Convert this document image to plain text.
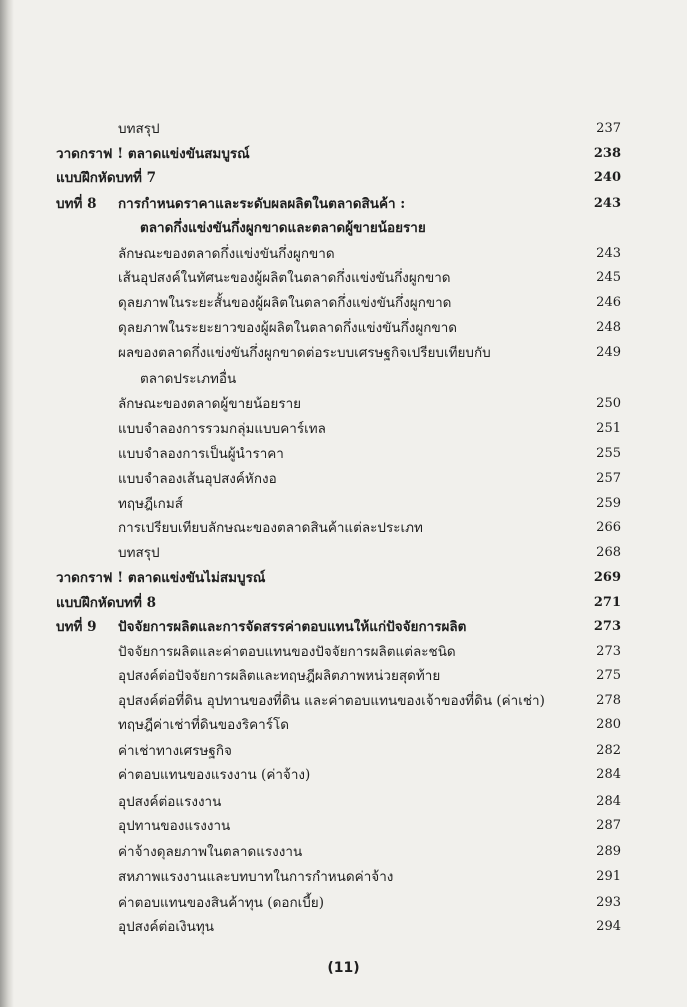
บทสรุป	237
วาดกราฟ ! ตลาดแข่งขันสมบูรณ์	238
แบบฝึกหัดบทที่ 7	240
บทที่ 8 การกำหนดราคาและระดับผลผลิตในตลาดสินค้า :	243
ตลาดกึ่งแข่งขันกึ่งผูกขาดและตลาดผู้ขายน้อยราย
ลักษณะของตลาดกึ่งแข่งขันกึ่งผูกขาด	243
เส้นอุปสงค์ในทัศนะของผู้ผลิตในตลาดกึ่งแข่งขันกึ่งผูกขาด	245
ดุลยภาพในระยะสั้นของผู้ผลิตในตลาดกึ่งแข่งขันกึ่งผูกขาด	246
ดุลยภาพในระยะยาวของผู้ผลิตในตลาดกึ่งแข่งขันกึ่งผูกขาด	248
ผลของตลาดกึ่งแข่งขันกึ่งผูกขาดต่อระบบเศรษฐกิจเปรียบเทียบกับ	249
ตลาดประเภทอื่น
ลักษณะของตลาดผู้ขายน้อยราย	250
แบบจำลองการรวมกลุ่มแบบคาร์เทล	251
แบบจำลองการเป็นผู้นำราคา	255
แบบจำลองเส้นอุปสงค์หักงอ	257
ทฤษฎีเกมส์	259
การเปรียบเทียบลักษณะของตลาดสินค้าแต่ละประเภท	266
บทสรุป	268
วาดกราฟ ! ตลาดแข่งขันไม่สมบูรณ์	269
แบบฝึกหัดบทที่ 8	271
บทที่ 9 ปัจจัยการผลิตและการจัดสรรค่าตอบแทนให้แก่ปัจจัยการผลิต	273
ปัจจัยการผลิตและค่าตอบแทนของปัจจัยการผลิตแต่ละชนิด	273
อุปสงค์ต่อปัจจัยการผลิตและทฤษฎีผลิตภาพหน่วยสุดท้าย	275
อุปสงค์ต่อที่ดิน อุปทานของที่ดิน และค่าตอบแทนของเจ้าของที่ดิน (ค่าเช่า)	278
ทฤษฎีค่าเช่าที่ดินของริคาร์โด	280
ค่าเช่าทางเศรษฐกิจ	282
ค่าตอบแทนของแรงงาน (ค่าจ้าง)	284
อุปสงค์ต่อแรงงาน	284
อุปทานของแรงงาน	287
ค่าจ้างดุลยภาพในตลาดแรงงาน	289
สหภาพแรงงานและบทบาทในการกำหนดค่าจ้าง	291
ค่าตอบแทนของสินค้าทุน (ดอกเบี้ย)	293
อุปสงค์ต่อเงินทุน	294
(11)
